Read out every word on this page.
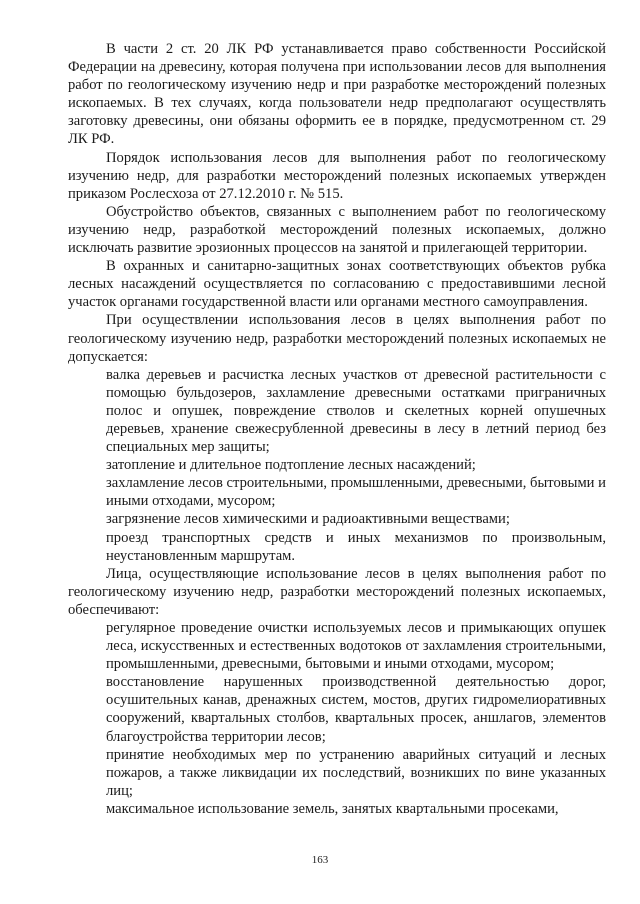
В части 2 ст. 20 ЛК РФ устанавливается право собственности Российской Федерации на древесину, которая получена при использовании лесов для выполнения работ по геологическому изучению недр и при разработке месторождений полезных ископаемых. В тех случаях, когда пользователи недр предполагают осуществлять заготовку древесины, они обязаны оформить ее в порядке, предусмотренном ст. 29 ЛК РФ.

Порядок использования лесов для выполнения работ по геологическому изучению недр, для разработки месторождений полезных ископаемых утвержден приказом Рослесхоза от 27.12.2010 г. № 515.

Обустройство объектов, связанных с выполнением работ по геологическому изучению недр, разработкой месторождений полезных ископаемых, должно исключать развитие эрозионных процессов на занятой и прилегающей территории.

В охранных и санитарно-защитных зонах соответствующих объектов рубка лесных насаждений осуществляется по согласованию с предоставившими лесной участок органами государственной власти или органами местного самоуправления.

При осуществлении использования лесов в целях выполнения работ по геологическому изучению недр, разработки месторождений полезных ископаемых не допускается:

валка деревьев и расчистка лесных участков от древесной растительности с помощью бульдозеров, захламление древесными остатками приграничных полос и опушек, повреждение стволов и скелетных корней опушечных деревьев, хранение свежесрубленной древесины в лесу в летний период без специальных мер защиты;

затопление и длительное подтопление лесных насаждений;

захламление лесов строительными, промышленными, древесными, бытовыми и иными отходами, мусором;

загрязнение лесов химическими и радиоактивными веществами;

проезд транспортных средств и иных механизмов по произвольным, неустановленным маршрутам.

Лица, осуществляющие использование лесов в целях выполнения работ по геологическому изучению недр, разработки месторождений полезных ископаемых, обеспечивают:

регулярное проведение очистки используемых лесов и примыкающих опушек леса, искусственных и естественных водотоков от захламления строительными, промышленными, древесными, бытовыми и иными отходами, мусором;

восстановление нарушенных производственной деятельностью дорог, осушительных канав, дренажных систем, мостов, других гидромелиоративных сооружений, квартальных столбов, квартальных просек, аншлагов, элементов благоустройства территории лесов;

принятие необходимых мер по устранению аварийных ситуаций и лесных пожаров, а также ликвидации их последствий, возникших по вине указанных лиц;

максимальное использование земель, занятых квартальными просеками,

163
